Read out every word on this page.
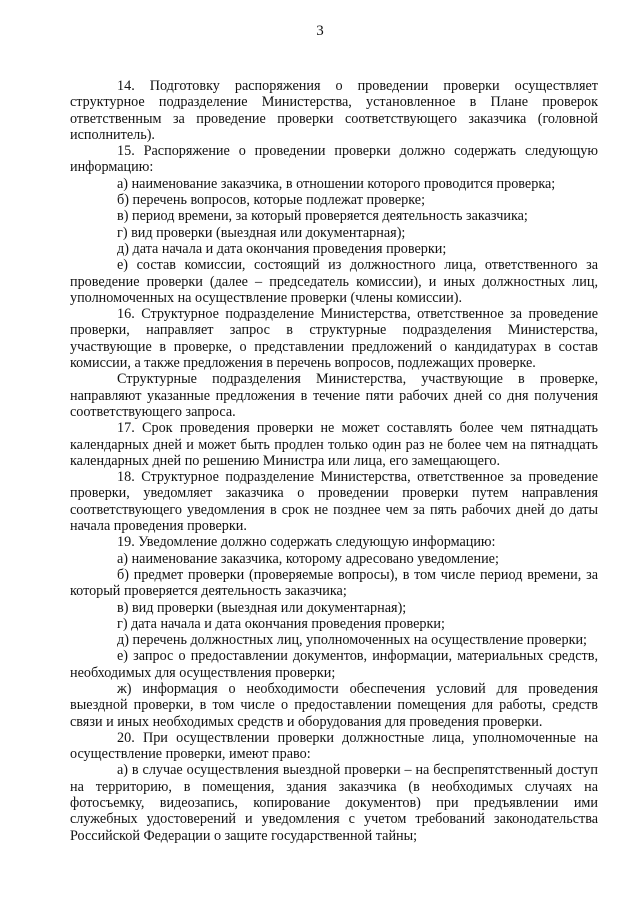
3

14. Подготовку распоряжения о проведении проверки осуществляет структурное подразделение Министерства, установленное в Плане проверок ответственным за проведение проверки соответствующего заказчика (головной исполнитель).

15. Распоряжение о проведении проверки должно содержать следующую информацию:

а) наименование заказчика, в отношении которого проводится проверка;

б) перечень вопросов, которые подлежат проверке;

в) период времени, за который проверяется деятельность заказчика;

г) вид проверки (выездная или документарная);

д) дата начала и дата окончания проведения проверки;

е) состав комиссии, состоящий из должностного лица, ответственного за проведение проверки (далее – председатель комиссии), и иных должностных лиц, уполномоченных на осуществление проверки (члены комиссии).

16. Структурное подразделение Министерства, ответственное за проведение проверки, направляет запрос в структурные подразделения Министерства, участвующие в проверке, о представлении предложений о кандидатурах в состав комиссии, а также предложения в перечень вопросов, подлежащих проверке.

Структурные подразделения Министерства, участвующие в проверке, направляют указанные предложения в течение пяти рабочих дней со дня получения соответствующего запроса.

17. Срок проведения проверки не может составлять более чем пятнадцать календарных дней и может быть продлен только один раз не более чем на пятнадцать календарных дней по решению Министра или лица, его замещающего.

18. Структурное подразделение Министерства, ответственное за проведение проверки, уведомляет заказчика о проведении проверки путем направления соответствующего уведомления в срок не позднее чем за пять рабочих дней до даты начала проведения проверки.

19. Уведомление должно содержать следующую информацию:

а) наименование заказчика, которому адресовано уведомление;

б) предмет проверки (проверяемые вопросы), в том числе период времени, за который проверяется деятельность заказчика;

в) вид проверки (выездная или документарная);

г) дата начала и дата окончания проведения проверки;

д) перечень должностных лиц, уполномоченных на осуществление проверки;

е) запрос о предоставлении документов, информации, материальных средств, необходимых для осуществления проверки;

ж) информация о необходимости обеспечения условий для проведения выездной проверки, в том числе о предоставлении помещения для работы, средств связи и иных необходимых средств и оборудования для проведения проверки.

20. При осуществлении проверки должностные лица, уполномоченные на осуществление проверки, имеют право:

а) в случае осуществления выездной проверки – на беспрепятственный доступ на территорию, в помещения, здания заказчика (в необходимых случаях на фотосъемку, видеозапись, копирование документов) при предъявлении ими служебных удостоверений и уведомления с учетом требований законодательства Российской Федерации о защите государственной тайны;
